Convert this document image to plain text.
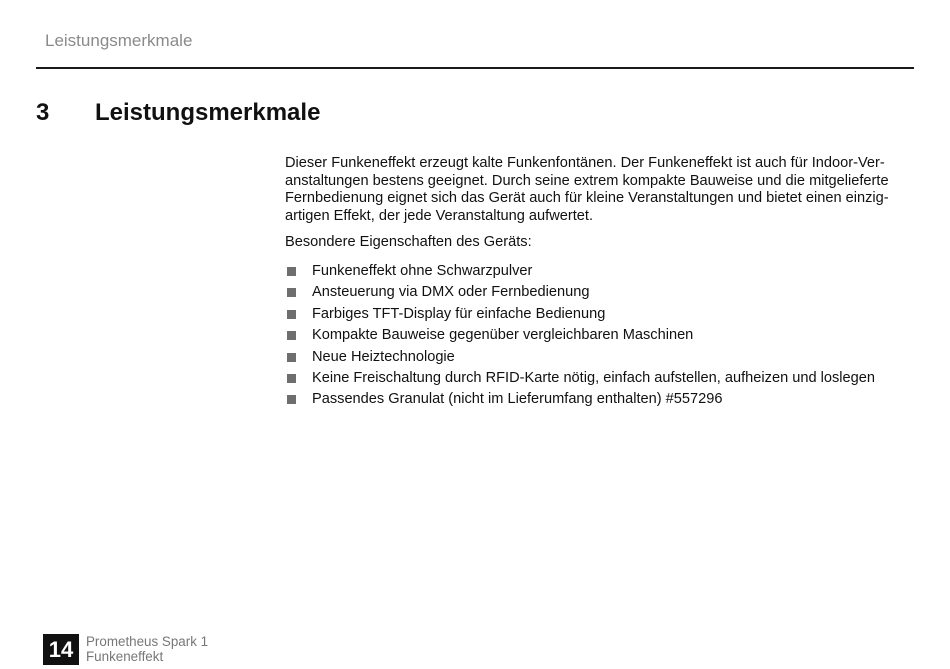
Leistungsmerkmale
3 Leistungsmerkmale

Dieser Funkeneffekt erzeugt kalte Funkenfontänen. Der Funkeneffekt ist auch für Indoor-Ver-
anstaltungen bestens geeignet. Durch seine extrem kompakte Bauweise und die mitgelieferte
Fernbedienung eignet sich das Gerät auch für kleine Veranstaltungen und bietet einen einzig-
artigen Effekt, der jede Veranstaltung aufwertet.

Besondere Eigenschaften des Geräts:

Funkeneffekt ohne Schwarzpulver
Ansteuerung via DMX oder Fernbedienung
Farbiges TFT-Display für einfache Bedienung
Kompakte Bauweise gegenüber vergleichbaren Maschinen
Neue Heiztechnologie
Keine Freischaltung durch RFID-Karte nötig, einfach aufstellen, aufheizen und loslegen
Passendes Granulat (nicht im Lieferumfang enthalten) #557296
14 Prometheus Spark 1
Funkeneffekt
